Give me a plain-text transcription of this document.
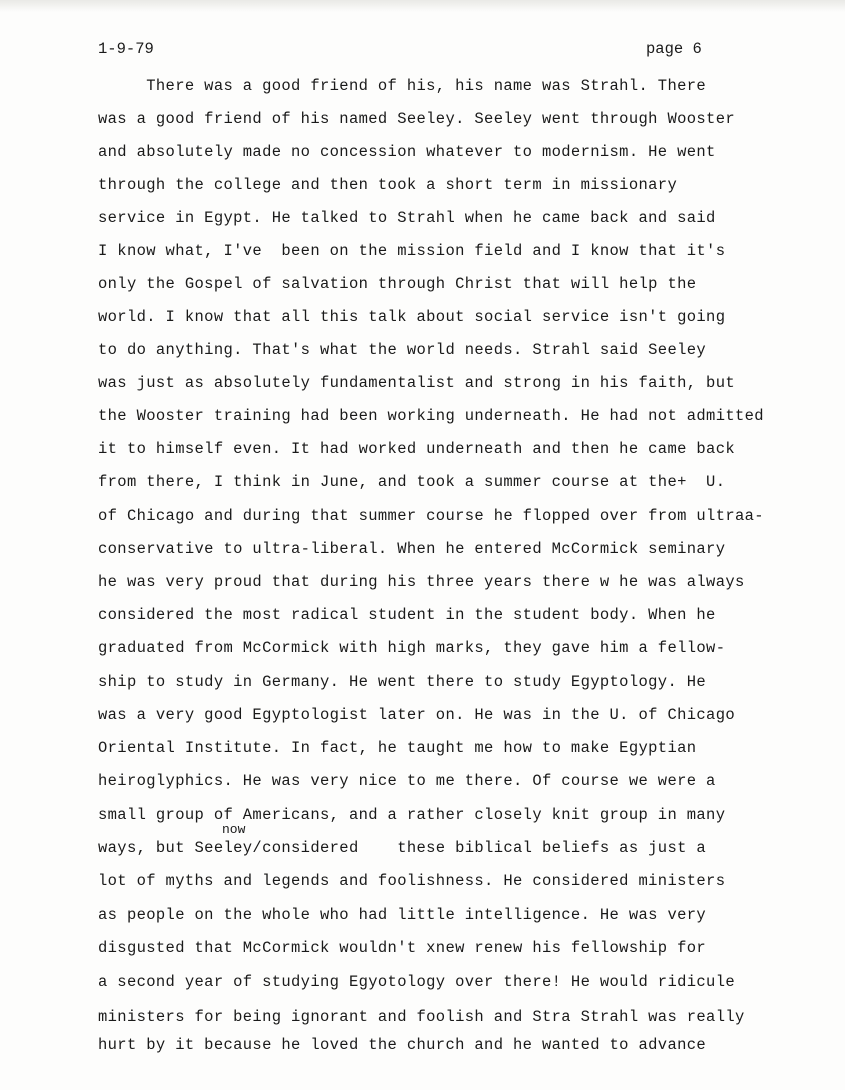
1-9-79	page 6
now
There was a good friend of his, his name was Strahl. There
was a good friend of his named Seeley. Seeley went through Wooster
and absolutely made no concession whatever to modernism. He went
through the college and then took a short term in missionary
service in Egypt. He talked to Strahl when he came back and said
I know what, I've  been on the mission field and I know that it's
only the Gospel of salvation through Christ that will help the
world. I know that all this talk about social service isn't going
to do anything. That's what the world needs. Strahl said Seeley
was just as absolutely fundamentalist and strong in his faith, but
the Wooster training had been working underneath. He had not admitted
it to himself even. It had worked underneath and then he came back
from there, I think in June, and took a summer course at the+  U.
of Chicago and during that summer course he flopped over from ultraa-
conservative to ultra-liberal. When he entered McCormick seminary
he was very proud that during his three years there w he was always
considered the most radical student in the student body. When he
graduated from McCormick with high marks, they gave him a fellow-
ship to study in Germany. He went there to study Egyptology. He
was a very good Egyptologist later on. He was in the U. of Chicago
Oriental Institute. In fact, he taught me how to make Egyptian
heiroglyphics. He was very nice to me there. Of course we were a
small group of Americans, and a rather closely knit group in many
ways, but Seeley/considered    these biblical beliefs as just a
lot of myths and legends and foolishness. He considered ministers
as people on the whole who had little intelligence. He was very
disgusted that McCormick wouldn't xnew renew his fellowship for
a second year of studying Egyotology over there! He would ridicule
ministers for being ignorant and foolish and Stra Strahl was really
hurt by it because he loved the church and he wanted to advance
